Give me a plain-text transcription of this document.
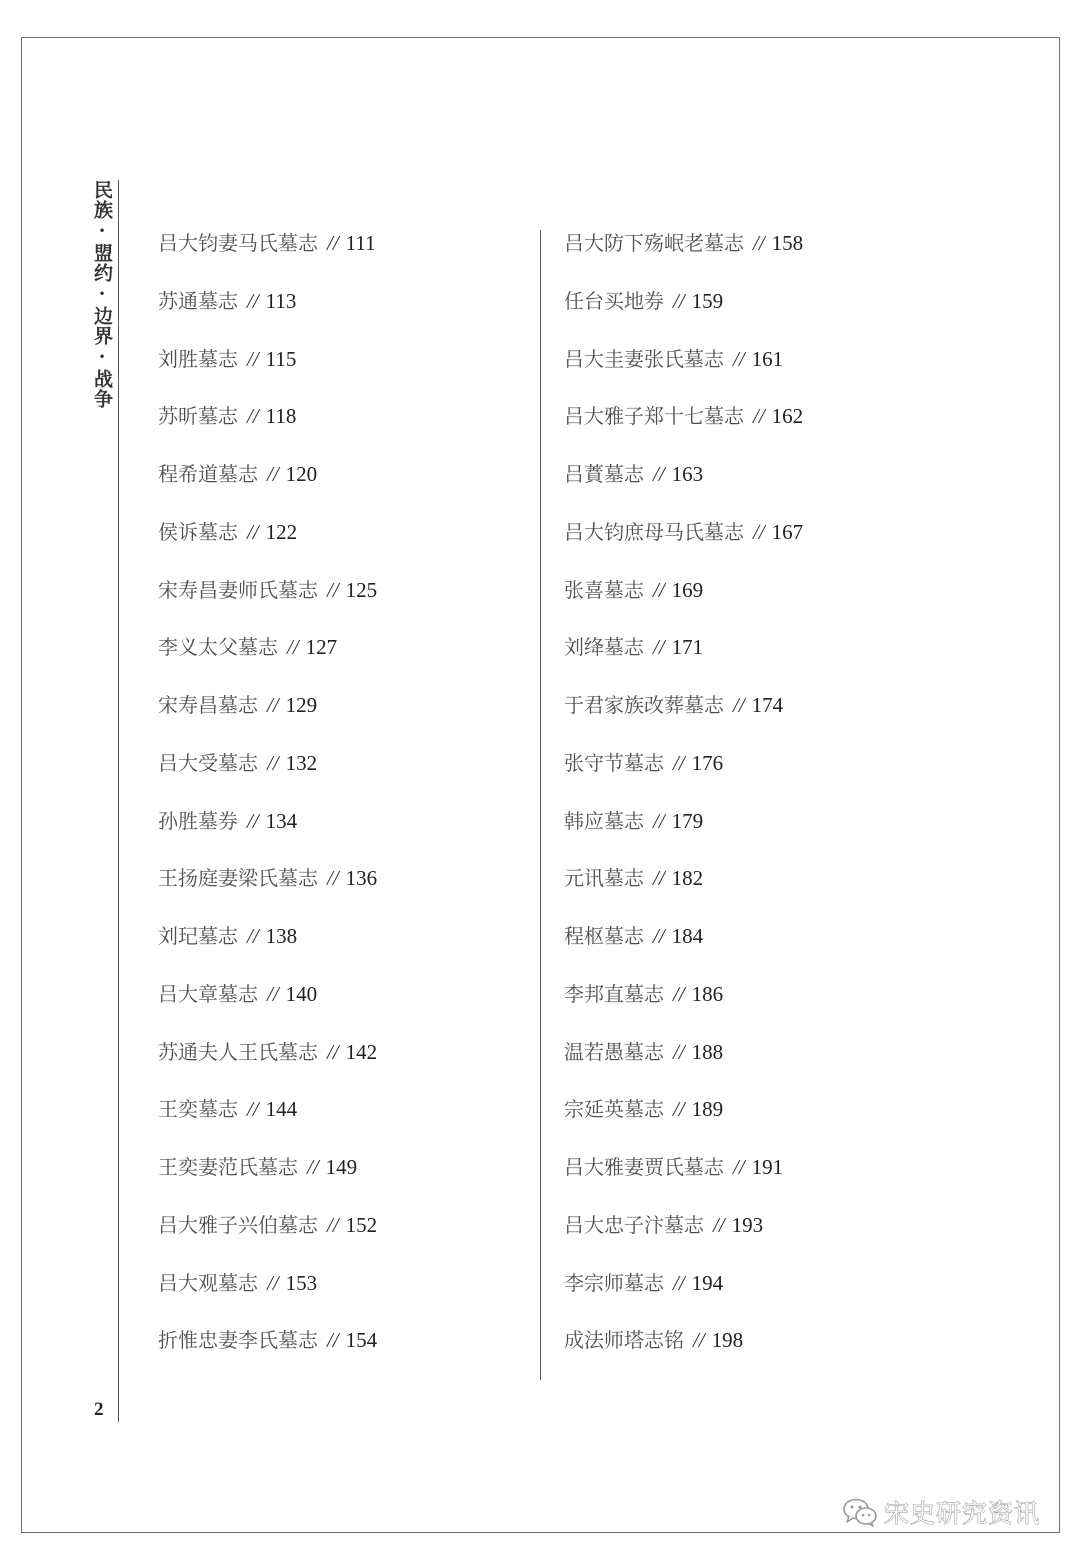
民族·盟约·边界·战争 吕大钧妻马氏墓志 // 111
苏通墓志 // 113
刘胜墓志 // 115
苏昕墓志 // 118
程希道墓志 // 120
侯诉墓志 // 122
宋寿昌妻师氏墓志 // 125
李义太父墓志 // 127
宋寿昌墓志 // 129
吕大受墓志 // 132
孙胜墓券 // 134
王扬庭妻梁氏墓志 // 136
刘玘墓志 // 138
吕大章墓志 // 140
苏通夫人王氏墓志 // 142
王奕墓志 // 144
王奕妻范氏墓志 // 149
吕大雅子兴伯墓志 // 152
吕大观墓志 // 153
折惟忠妻李氏墓志 // 154
吕大防下殇岷老墓志 // 158
任台买地券 // 159
吕大圭妻张氏墓志 // 161
吕大雅子郑十七墓志 // 162
吕蕡墓志 // 163
吕大钧庶母马氏墓志 // 167
张喜墓志 // 169
刘绛墓志 // 171
于君家族改葬墓志 // 174
张守节墓志 // 176
韩应墓志 // 179
元讯墓志 // 182
程枢墓志 // 184
李邦直墓志 // 186
温若愚墓志 // 188
宗延英墓志 // 189
吕大雅妻贾氏墓志 // 191
吕大忠子汴墓志 // 193
李宗师墓志 // 194
成法师塔志铭 // 198
2
宋史研究资讯
